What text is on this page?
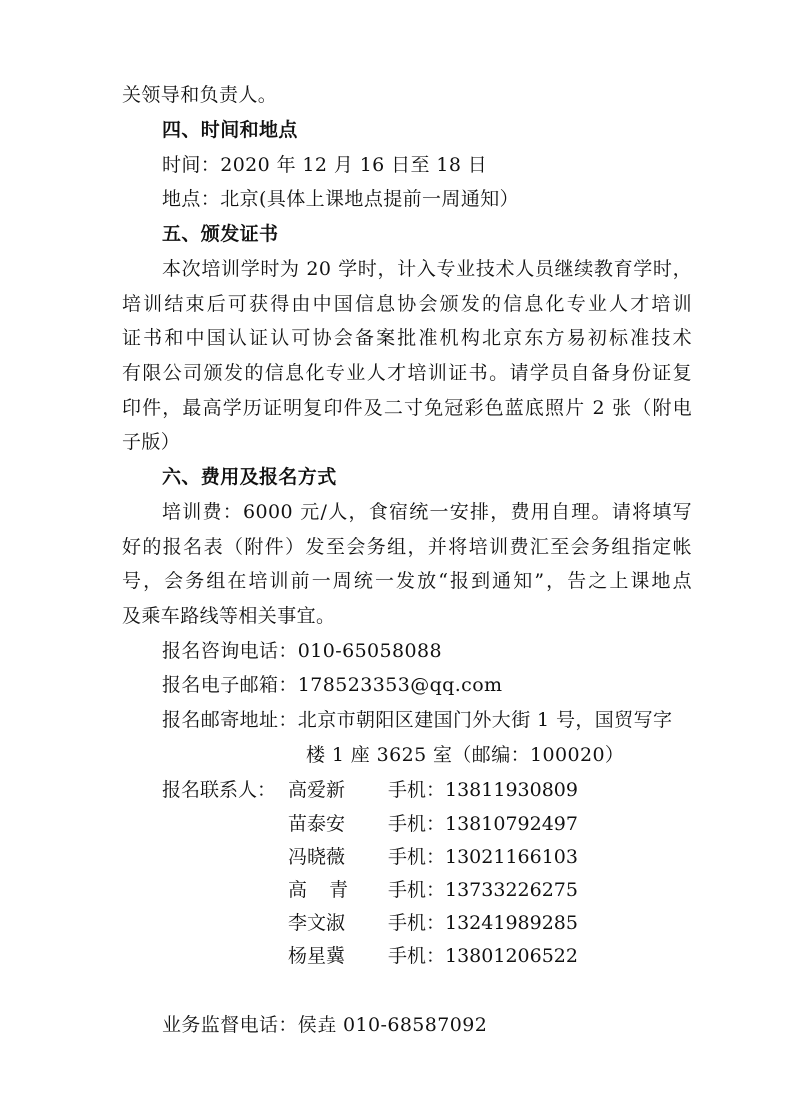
关领导和负责人。
四、时间和地点
时间：2020 年 12 月 16 日至 18 日
地点：北京(具体上课地点提前一周通知）
五、颁发证书
本次培训学时为 20 学时，计入专业技术人员继续教育学时，
培训结束后可获得由中国信息协会颁发的信息化专业人才培训
证书和中国认证认可协会备案批准机构北京东方易初标准技术
有限公司颁发的信息化专业人才培训证书。请学员自备身份证复
印件，最高学历证明复印件及二寸免冠彩色蓝底照片 2 张（附电
子版）
六、费用及报名方式
培训费：6000 元/人，食宿统一安排，费用自理。请将填写
好的报名表（附件）发至会务组，并将培训费汇至会务组指定帐
号，会务组在培训前一周统一发放“报到通知”，告之上课地点
及乘车路线等相关事宜。
报名咨询电话：010-65058088
报名电子邮箱：178523353@qq.com
报名邮寄地址：北京市朝阳区建国门外大街 1 号，国贸写字
楼 1 座 3625 室（邮编：100020）
报名联系人： 高爱新 手机：13811930809
苗泰安 手机：13810792497
冯晓薇 手机：13021166103
高青 手机：13733226275
李文淑 手机：13241989285
杨星冀 手机：13801206522
业务监督电话：侯垚 010-68587092
